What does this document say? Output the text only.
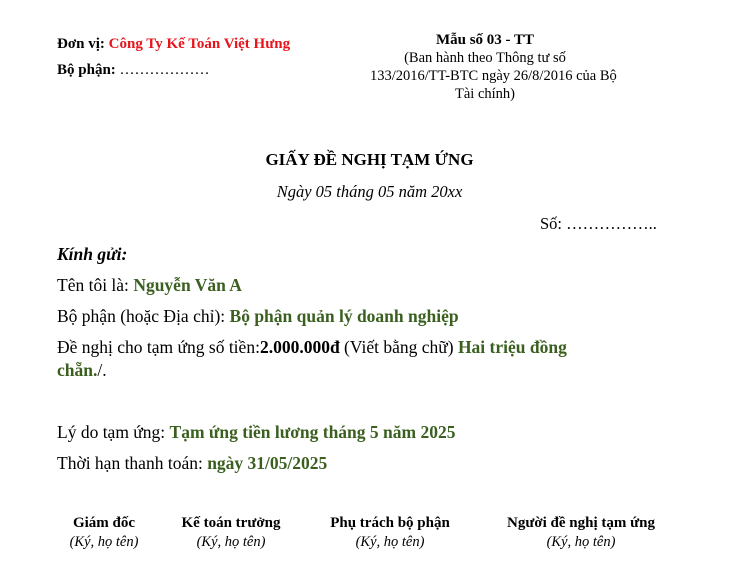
Đơn vị: Công Ty Kế Toán Việt Hưng
Bộ phận: ………………
Mẫu số 03 - TT
(Ban hành theo Thông tư số
133/2016/TT-BTC ngày 26/8/2016 của Bộ
Tài chính)
GIẤY ĐỀ NGHỊ TẠM ỨNG
Ngày 05 tháng 05 năm 20xx
Số: ……………..
Kính gửi:
Tên tôi là: Nguyễn Văn A
Bộ phận (hoặc Địa chỉ): Bộ phận quản lý doanh nghiệp
Đề nghị cho tạm ứng số tiền:2.000.000đ (Viết bằng chữ) Hai triệu đồng
chẵn./.
Lý do tạm ứng: Tạm ứng tiền lương tháng 5 năm 2025
Thời hạn thanh toán: ngày 31/05/2025
Giám đốc
(Ký, họ tên)
Kế toán trưởng
(Ký, họ tên)
Phụ trách bộ phận
(Ký, họ tên)
Người đề nghị tạm ứng
(Ký, họ tên)
